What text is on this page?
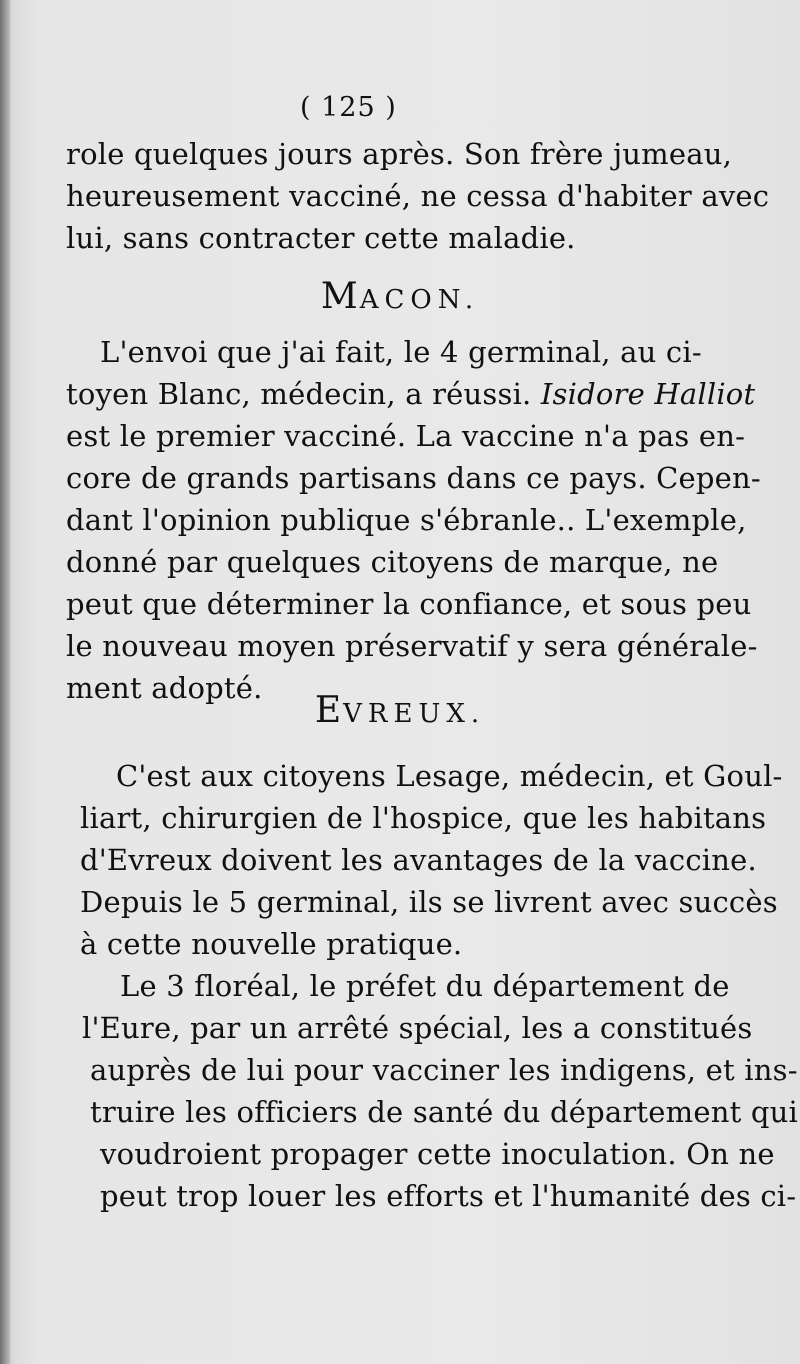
( 125 )
role quelques jours après. Son frère jumeau,
heureusement vacciné, ne cessa d'habiter avec
lui, sans contracter cette maladie.
MACON.
L'envoi que j'ai fait, le 4 germinal, au ci-
toyen Blanc, médecin, a réussi. Isidore Halliot
est le premier vacciné. La vaccine n'a pas en-
core de grands partisans dans ce pays. Cepen-
dant l'opinion publique s'ébranle.. L'exemple,
donné par quelques citoyens de marque, ne
peut que déterminer la confiance, et sous peu
le nouveau moyen préservatif y sera générale-
ment adopté.
EVREUX.
C'est aux citoyens Lesage, médecin, et Goul-
liart, chirurgien de l'hospice, que les habitans
d'Evreux doivent les avantages de la vaccine.
Depuis le 5 germinal, ils se livrent avec succès
à cette nouvelle pratique.
Le 3 floréal, le préfet du département de
l'Eure, par un arrêté spécial, les a constitués
auprès de lui pour vacciner les indigens, et ins-
truire les officiers de santé du département qui
voudroient propager cette inoculation. On ne
peut trop louer les efforts et l'humanité des ci-
